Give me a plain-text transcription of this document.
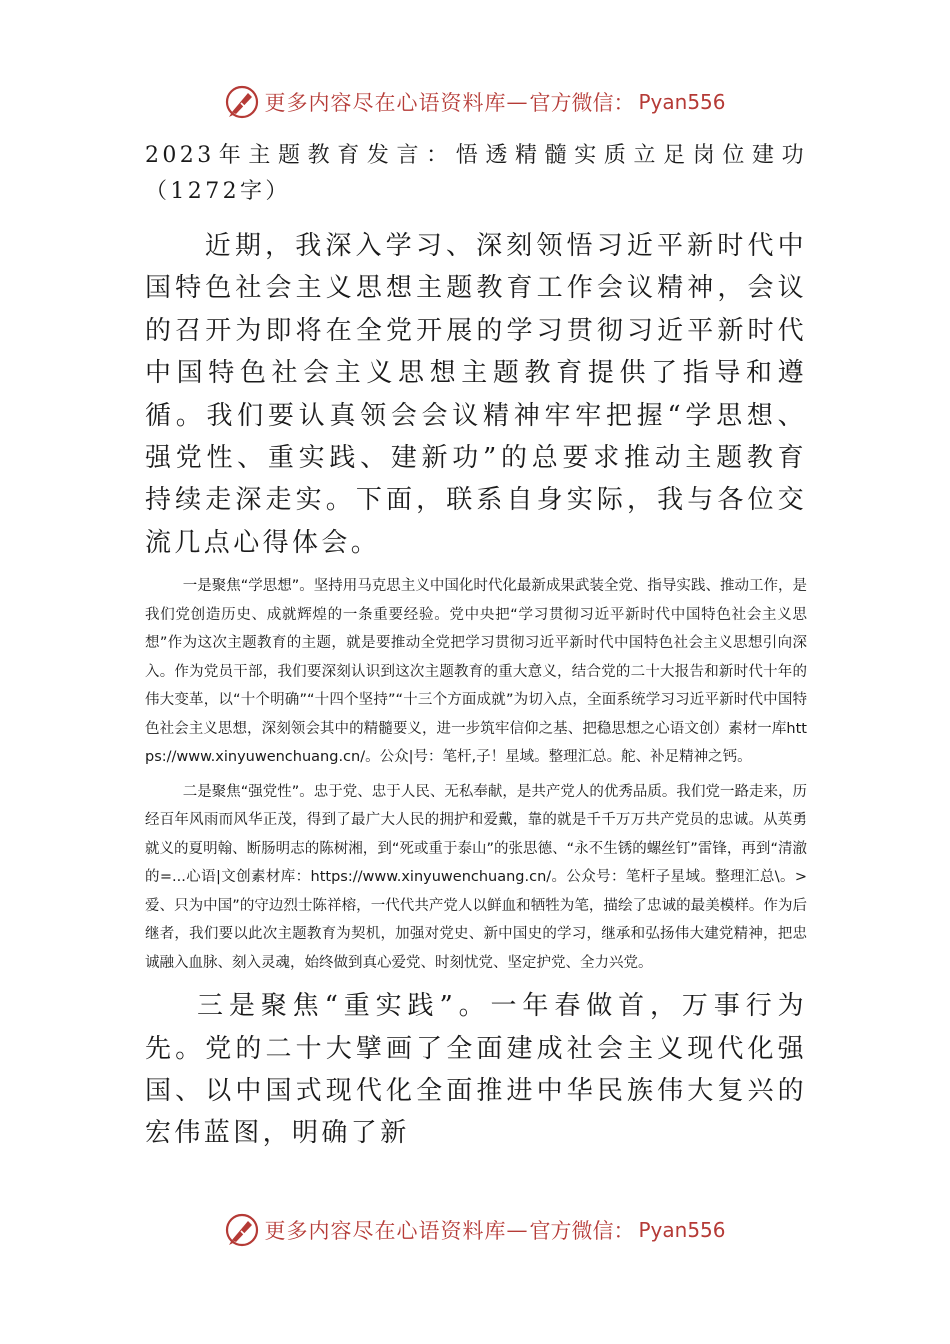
更多内容尽在心语资料库 — 官方微信： Pyan556
2023年主题教育发言：悟透精髓实质立足岗位建功（1272字）

近期，我深入学习、深刻领悟习近平新时代中国特色社会主义思想主题教育工作会议精神，会议的召开为即将在全党开展的学习贯彻习近平新时代中国特色社会主义思想主题教育提供了指导和遵循。我们要认真领会会议精神牢牢把握“学思想、强党性、重实践、建新功”的总要求推动主题教育持续走深走实。下面，联系自身实际，我与各位交流几点心得体会。

一是聚焦“学思想”。坚持用马克思主义中国化时代化最新成果武装全党、指导实践、推动工作，是我们党创造历史、成就辉煌的一条重要经验。党中央把“学习贯彻习近平新时代中国特色社会主义思想”作为这次主题教育的主题，就是要推动全党把学习贯彻习近平新时代中国特色社会主义思想引向深入。作为党员干部，我们要深刻认识到这次主题教育的重大意义，结合党的二十大报告和新时代十年的伟大变革，以“十个明确”“十四个坚持”“十三个方面成就”为切入点，全面系统学习习近平新时代中国特色社会主义思想，深刻领会其中的精髓要义，进一步筑牢信仰之基、把稳思想之心语文创）素材一库https://www.xinyuwenchuang.cn/。公众|号：笔杆,子！星域。整理汇总。舵、补足精神之钙。

二是聚焦“强党性”。忠于党、忠于人民、无私奉献，是共产党人的优秀品质。我们党一路走来，历经百年风雨而风华正茂，得到了最广大人民的拥护和爱戴，靠的就是千千万万共产党员的忠诚。从英勇就义的夏明翰、断肠明志的陈树湘，到“死或重于泰山”的张思德、“永不生锈的螺丝钉”雷锋，再到“清澈的=...心语|文创素材库：https://www.xinyuwenchuang.cn/。公众号：笔杆子星域。整理汇总\。>爱、只为中国”的守边烈士陈祥榕，一代代共产党人以鲜血和牺牲为笔，描绘了忠诚的最美模样。作为后继者，我们要以此次主题教育为契机，加强对党史、新中国史的学习，继承和弘扬伟大建党精神，把忠诚融入血脉、刻入灵魂，始终做到真心爱党、时刻忧党、坚定护党、全力兴党。

三是聚焦“重实践”。一年春做首，万事行为先。党的二十大擘画了全面建成社会主义现代化强国、以中国式现代化全面推进中华民族伟大复兴的宏伟蓝图，明确了新

更多内容尽在心语资料库 — 官方微信： Pyan556
